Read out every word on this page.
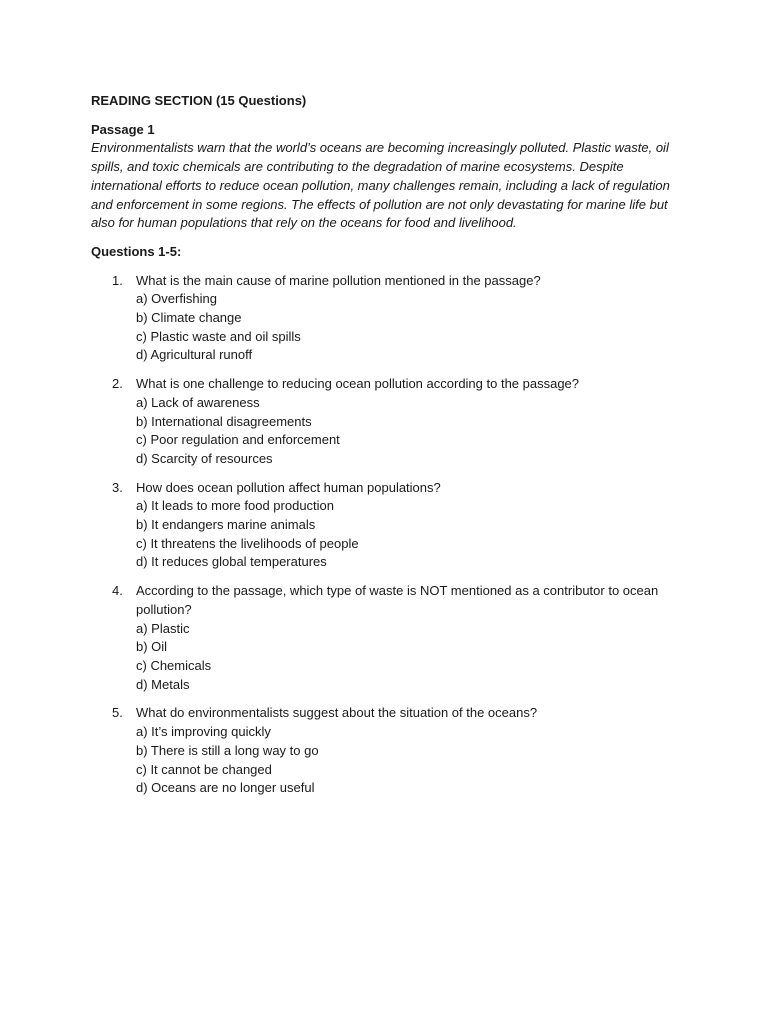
READING SECTION (15 Questions)

Passage 1

Environmentalists warn that the world’s oceans are becoming increasingly polluted. Plastic waste, oil spills, and toxic chemicals are contributing to the degradation of marine ecosystems. Despite international efforts to reduce ocean pollution, many challenges remain, including a lack of regulation and enforcement in some regions. The effects of pollution are not only devastating for marine life but also for human populations that rely on the oceans for food and livelihood.

Questions 1-5:

1. What is the main cause of marine pollution mentioned in the passage?
a) Overfishing
b) Climate change
c) Plastic waste and oil spills
d) Agricultural runoff
2. What is one challenge to reducing ocean pollution according to the passage?
a) Lack of awareness
b) International disagreements
c) Poor regulation and enforcement
d) Scarcity of resources
3. How does ocean pollution affect human populations?
a) It leads to more food production
b) It endangers marine animals
c) It threatens the livelihoods of people
d) It reduces global temperatures
4. According to the passage, which type of waste is NOT mentioned as a contributor to ocean pollution?
a) Plastic
b) Oil
c) Chemicals
d) Metals
5. What do environmentalists suggest about the situation of the oceans?
a) It’s improving quickly
b) There is still a long way to go
c) It cannot be changed
d) Oceans are no longer useful
